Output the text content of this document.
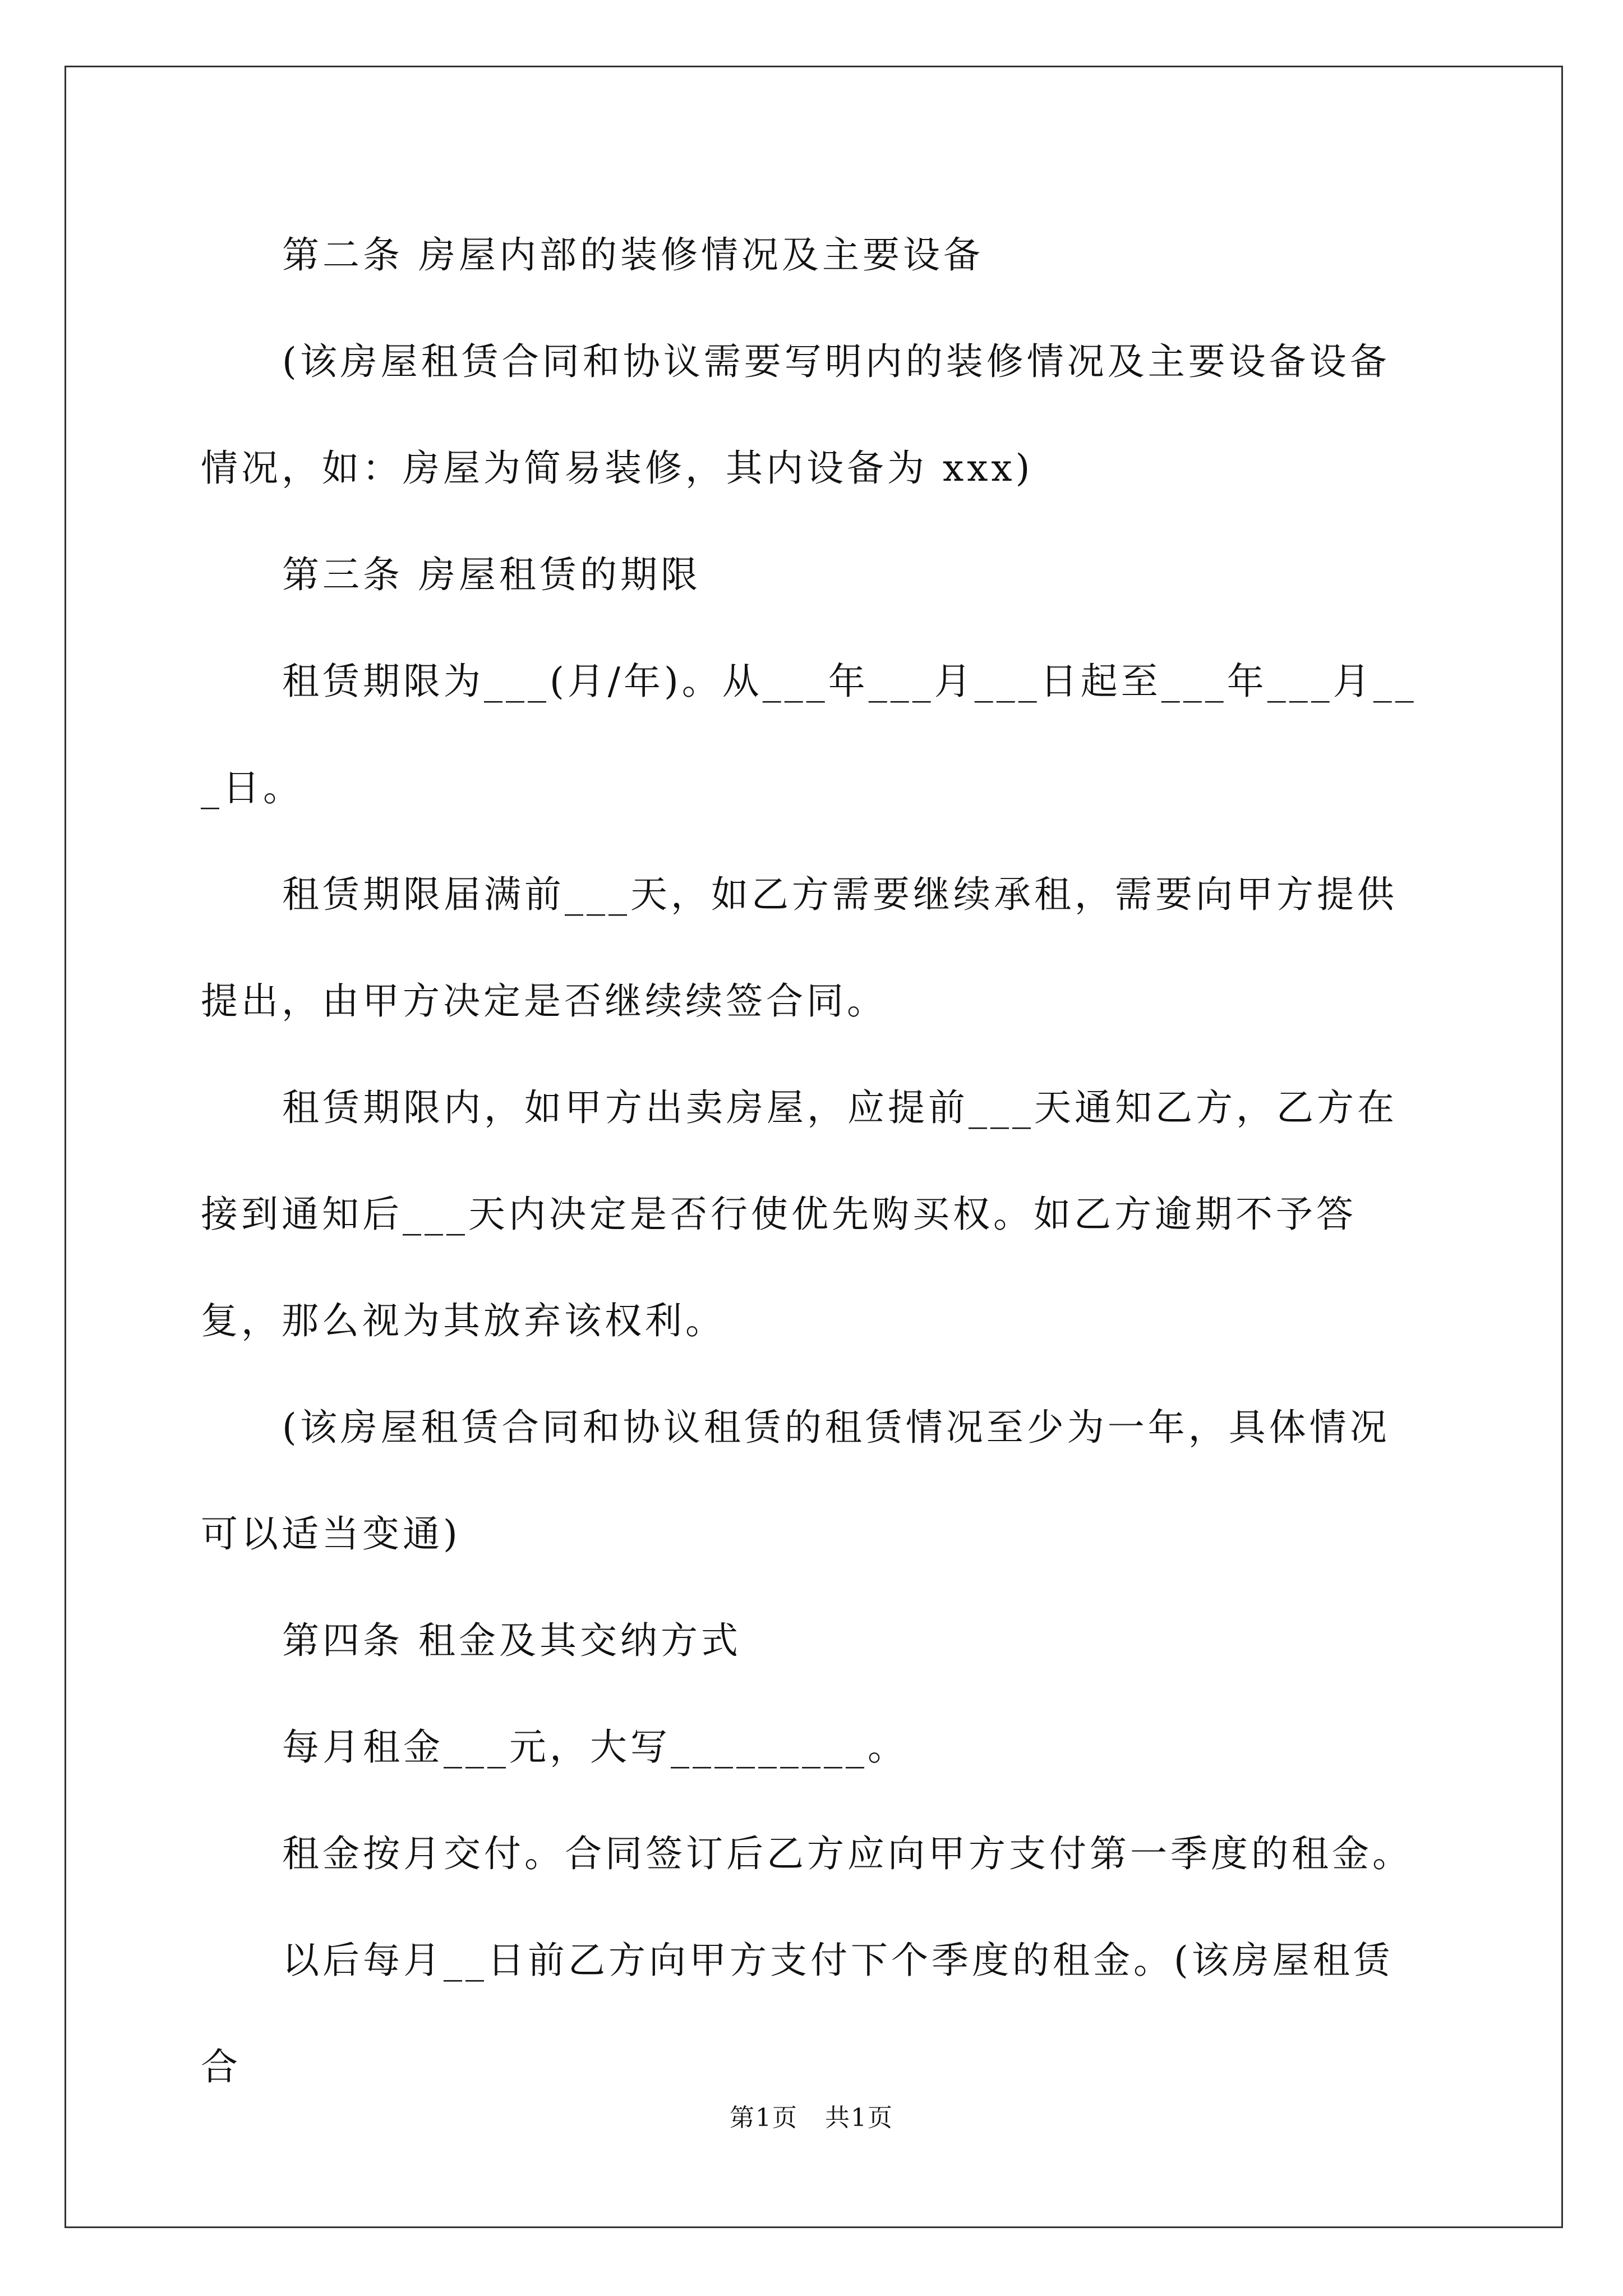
第二条 房屋内部的装修情况及主要设备

(该房屋租赁合同和协议需要写明内的装修情况及主要设备设备情况，如：房屋为简易装修，其内设备为 xxx)

第三条 房屋租赁的期限

租赁期限为___(月/年)。从___年___月___日起至___年___月___日。

租赁期限届满前___天，如乙方需要继续承租，需要向甲方提供提出，由甲方决定是否继续续签合同。

租赁期限内，如甲方出卖房屋，应提前___天通知乙方，乙方在接到通知后___天内决定是否行使优先购买权。如乙方逾期不予答复，那么视为其放弃该权利。

(该房屋租赁合同和协议租赁的租赁情况至少为一年，具体情况可以适当变通)

第四条 租金及其交纳方式

每月租金___元，大写_________。

租金按月交付。合同签订后乙方应向甲方支付第一季度的租金。

以后每月__日前乙方向甲方支付下个季度的租金。(该房屋租赁合

第1页 共1页
